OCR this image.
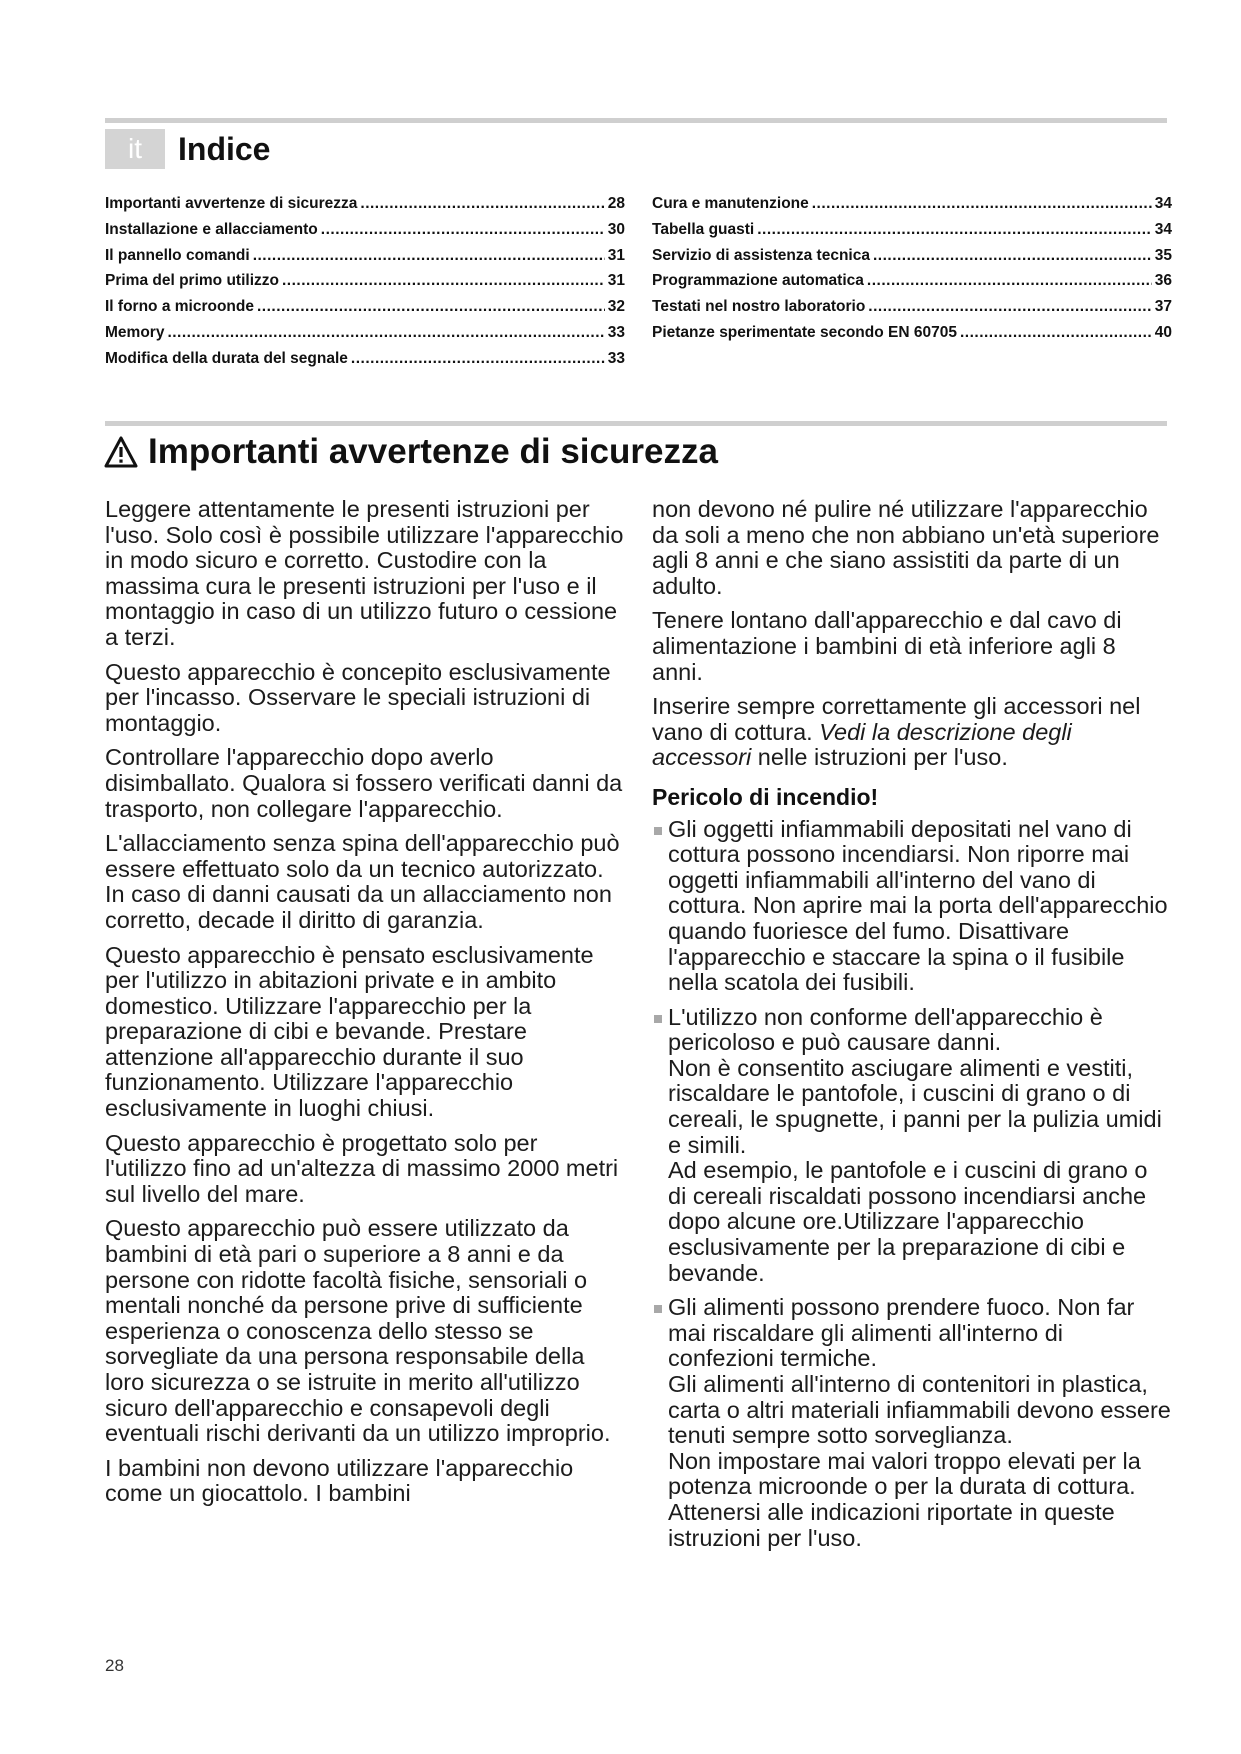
it	Indice
Importanti avvertenze di sicurezza .....	28
Installazione e allacciamento .....	30
Il pannello comandi .....	31
Prima del primo utilizzo .....	31
Il forno a microonde .....	32
Memory .....	33
Modifica della durata del segnale .....	33
Cura e manutenzione .....	34
Tabella guasti .....	34
Servizio di assistenza tecnica .....	35
Programmazione automatica .....	36
Testati nel nostro laboratorio .....	37
Pietanze sperimentate secondo EN 60705 .....	40
Importanti avvertenze di sicurezza

Leggere attentamente le presenti istruzioni per l'uso. Solo così è possibile utilizzare l'apparecchio in modo sicuro e corretto. Custodire con la massima cura le presenti istruzioni per l'uso e il montaggio in caso di un utilizzo futuro o cessione a terzi.

Questo apparecchio è concepito esclusivamente per l'incasso. Osservare le speciali istruzioni di montaggio.

Controllare l'apparecchio dopo averlo disimballato. Qualora si fossero verificati danni da trasporto, non collegare l'apparecchio.

L'allacciamento senza spina dell'apparecchio può essere effettuato solo da un tecnico autorizzato. In caso di danni causati da un allacciamento non corretto, decade il diritto di garanzia.

Questo apparecchio è pensato esclusivamente per l'utilizzo in abitazioni private e in ambito domestico. Utilizzare l'apparecchio per la preparazione di cibi e bevande. Prestare attenzione all'apparecchio durante il suo funzionamento. Utilizzare l'apparecchio esclusivamente in luoghi chiusi.

Questo apparecchio è progettato solo per l'utilizzo fino ad un'altezza di massimo 2000 metri sul livello del mare.

Questo apparecchio può essere utilizzato da bambini di età pari o superiore a 8 anni e da persone con ridotte facoltà fisiche, sensoriali o mentali nonché da persone prive di sufficiente esperienza o conoscenza dello stesso se sorvegliate da una persona responsabile della loro sicurezza o se istruite in merito all'utilizzo sicuro dell'apparecchio e consapevoli degli eventuali rischi derivanti da un utilizzo improprio.

I bambini non devono utilizzare l'apparecchio come un giocattolo. I bambini

non devono né pulire né utilizzare l'apparecchio da soli a meno che non abbiano un'età superiore agli 8 anni e che siano assistiti da parte di un adulto.

Tenere lontano dall'apparecchio e dal cavo di alimentazione i bambini di età inferiore agli 8 anni.

Inserire sempre correttamente gli accessori nel vano di cottura. Vedi la descrizione degli accessori nelle istruzioni per l'uso.

Pericolo di incendio!

Gli oggetti infiammabili depositati nel vano di cottura possono incendiarsi. Non riporre mai oggetti infiammabili all'interno del vano di cottura. Non aprire mai la porta dell'apparecchio quando fuoriesce del fumo. Disattivare l'apparecchio e staccare la spina o il fusibile nella scatola dei fusibili.

L'utilizzo non conforme dell'apparecchio è pericoloso e può causare danni.

Non è consentito asciugare alimenti e vestiti, riscaldare le pantofole, i cuscini di grano o di cereali, le spugnette, i panni per la pulizia umidi e simili.

Ad esempio, le pantofole e i cuscini di grano o di cereali riscaldati possono incendiarsi anche dopo alcune ore.Utilizzare l'apparecchio esclusivamente per la preparazione di cibi e bevande.

Gli alimenti possono prendere fuoco. Non far mai riscaldare gli alimenti all'interno di confezioni termiche.

Gli alimenti all'interno di contenitori in plastica, carta o altri materiali infiammabili devono essere tenuti sempre sotto sorveglianza.

Non impostare mai valori troppo elevati per la potenza microonde o per la durata di cottura. Attenersi alle indicazioni riportate in queste istruzioni per l'uso.

28
